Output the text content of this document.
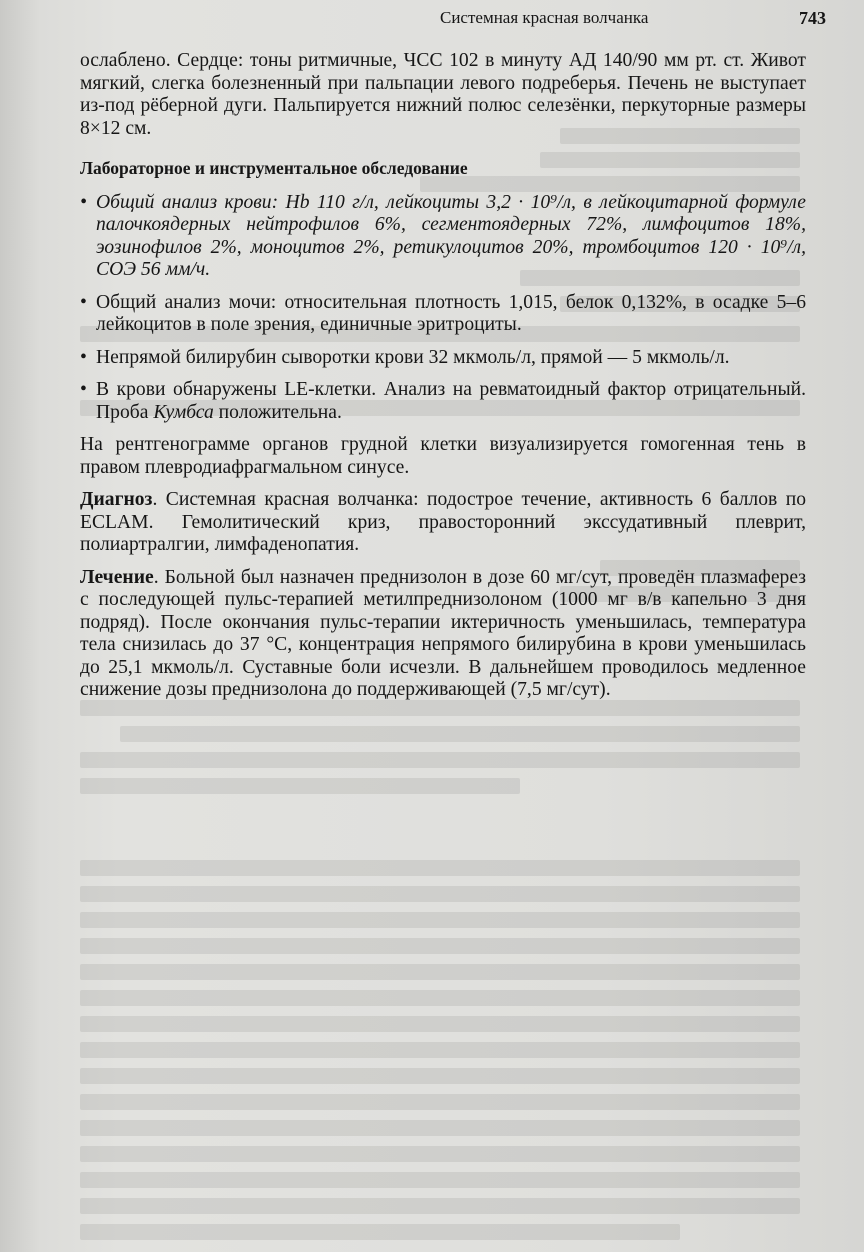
Системная красная волчанка	743

ослаблено. Сердце: тоны ритмичные, ЧСС 102 в минуту АД 140/90 мм рт. ст. Живот мягкий, слегка болезненный при пальпации левого подреберья. Печень не выступает из-под рёберной дуги. Пальпируется нижний полюс селезёнки, перкуторные размеры 8×12 см.

Лабораторное и инструментальное обследование

• Общий анализ крови: Hb 110 г/л, лейкоциты 3,2 · 10⁹/л, в лейкоцитарной формуле палочкоядерных нейтрофилов 6%, сегментоядерных 72%, лимфоцитов 18%, эозинофилов 2%, моноцитов 2%, ретикулоцитов 20%, тромбоцитов 120 · 10⁹/л, СОЭ 56 мм/ч.
• Общий анализ мочи: относительная плотность 1,015, белок 0,132%, в осадке 5–6 лейкоцитов в поле зрения, единичные эритроциты.
• Непрямой билирубин сыворотки крови 32 мкмоль/л, прямой — 5 мкмоль/л.
• В крови обнаружены LE-клетки. Анализ на ревматоидный фактор отрицательный. Проба Кумбса положительна.

На рентгенограмме органов грудной клетки визуализируется гомогенная тень в правом плевродиафрагмальном синусе.

Диагноз. Системная красная волчанка: подострое течение, активность 6 баллов по ECLAM. Гемолитический криз, правосторонний экссудативный плеврит, полиартралгии, лимфаденопатия.

Лечение. Больной был назначен преднизолон в дозе 60 мг/сут, проведён плазмаферез с последующей пульс-терапией метилпреднизолоном (1000 мг в/в капельно 3 дня подряд). После окончания пульс-терапии иктеричность уменьшилась, температура тела снизилась до 37 °С, концентрация непрямого билирубина в крови уменьшилась до 25,1 мкмоль/л. Суставные боли исчезли. В дальнейшем проводилось медленное снижение дозы преднизолона до поддерживающей (7,5 мг/сут).
